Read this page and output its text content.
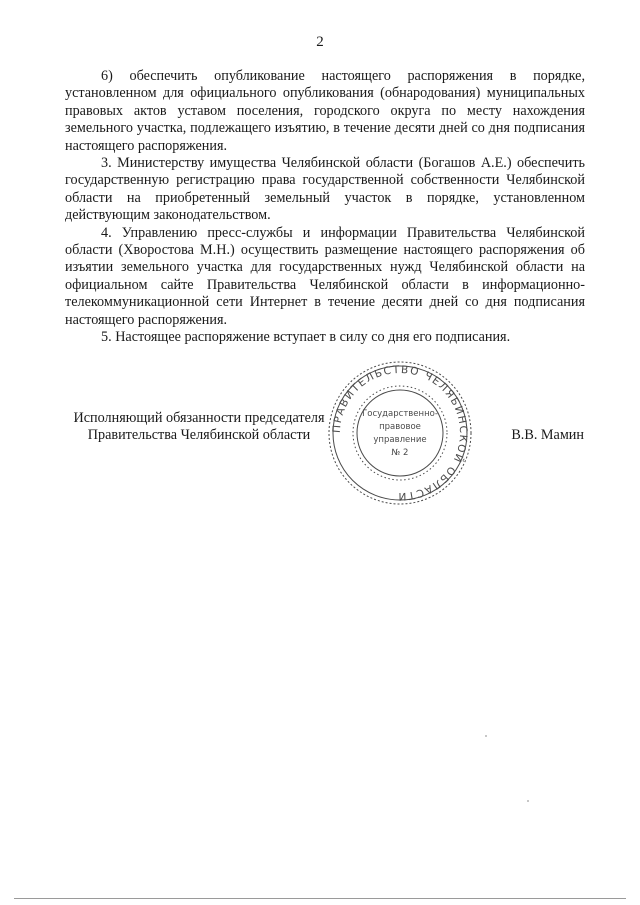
2

6) обеспечить опубликование настоящего распоряжения в порядке, установленном для официального опубликования (обнародования) муниципальных правовых актов уставом поселения, городского округа по месту нахождения земельного участка, подлежащего изъятию, в течение десяти дней со дня подписания настоящего распоряжения.

3. Министерству имущества Челябинской области (Богашов А.Е.) обеспечить государственную регистрацию права государственной собственности Челябинской области на приобретенный земельный участок в порядке, установленном действующим законодательством.

4. Управлению пресс-службы и информации Правительства Челябинской области (Хворостова М.Н.) осуществить размещение настоящего распоряжения об изъятии земельного участка для государственных нужд Челябинской области на официальном сайте Правительства Челябинской области в информационно-телекоммуникационной сети Интернет в течение десяти дней со дня подписания настоящего распоряжения.

5. Настоящее распоряжение вступает в силу со дня его подписания.

ПРАВИТЕЛЬСТВО ЧЕЛЯБИНСКОЙ ОБЛАСТИ
Государственно-
правовое
управление
№ 2
Исполняющий обязанности председателя
Правительства Челябинской области	В.В. Мамин
